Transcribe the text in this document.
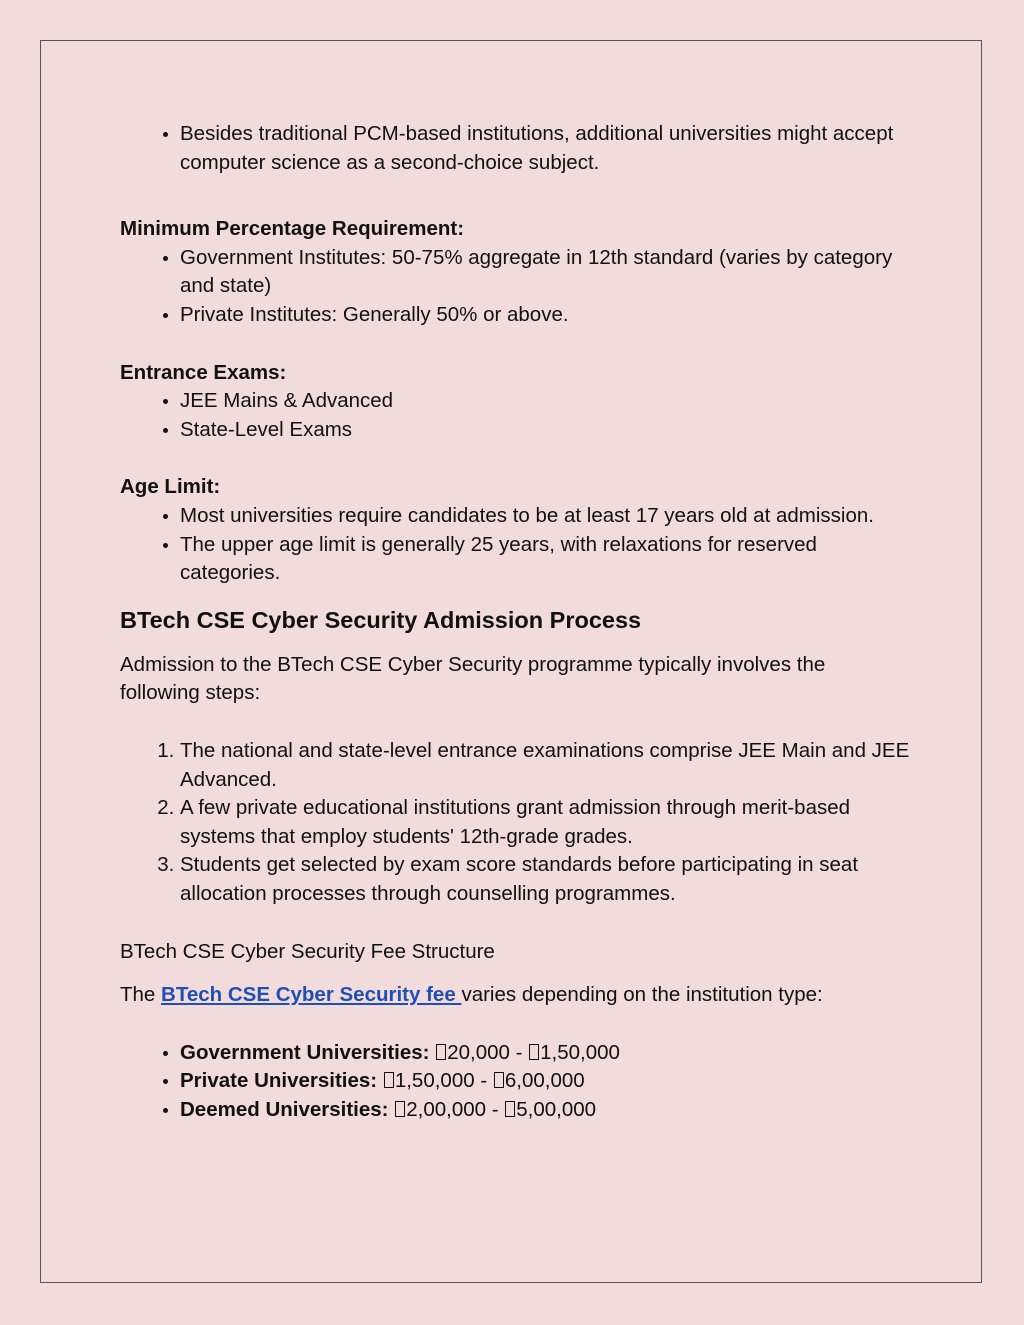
• Besides traditional PCM-based institutions, additional universities might accept computer science as a second-choice subject.

Minimum Percentage Requirement:

• Government Institutes: 50-75% aggregate in 12th standard (varies by category and state)
• Private Institutes: Generally 50% or above.

Entrance Exams:

• JEE Mains & Advanced
• State-Level Exams

Age Limit:

• Most universities require candidates to be at least 17 years old at admission.
• The upper age limit is generally 25 years, with relaxations for reserved categories.
BTech CSE Cyber Security Admission Process

Admission to the BTech CSE Cyber Security programme typically involves the following steps:

1. The national and state-level entrance examinations comprise JEE Main and JEE Advanced.
2. A few private educational institutions grant admission through merit-based systems that employ students' 12th-grade grades.
3. Students get selected by exam score standards before participating in seat allocation processes through counselling programmes.

BTech CSE Cyber Security Fee Structure

The BTech CSE Cyber Security fee varies depending on the institution type:

• Government Universities: 20,000 - 1,50,000
• Private Universities: 1,50,000 - 6,00,000
• Deemed Universities: 2,00,000 - 5,00,000
